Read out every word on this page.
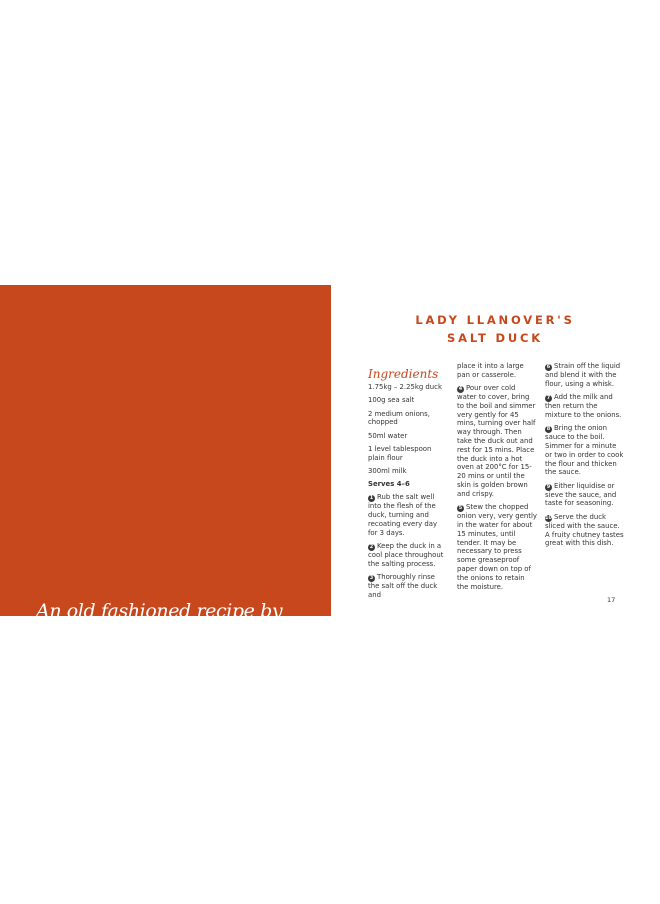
An old fashioned recipe by Lady Llanover which emphasises how salt softens the flesh and draws out excess fat from the duck. Allow 3 days of preparation for this dish.
LADY LLANOVER'S
SALT DUCK
Ingredients
1.75kg – 2.25kg duck
100g sea salt
2 medium onions, chopped
50ml water
1 level tablespoon plain flour
300ml milk
Serves 4–6
1 Rub the salt well into the flesh of the duck, turning and recoating every day for 3 days.
2 Keep the duck in a cool place throughout the salting process.
3 Thoroughly rinse the salt off the duck and
place it into a large pan or casserole.
4 Pour over cold water to cover, bring to the boil and simmer very gently for 45 mins, turning over half way through. Then take the duck out and rest for 15 mins. Place the duck into a hot oven at 200°C for 15-20 mins or until the skin is golden brown and crispy.
5 Stew the chopped onion very, very gently in the water for about 15 minutes, until tender. It may be necessary to press some greaseproof paper down on top of the onions to retain the moisture.
6 Strain off the liquid and blend it with the flour, using a whisk.
7 Add the milk and then return the mixture to the onions.
8 Bring the onion sauce to the boil. Simmer for a minute or two in order to cook the flour and thicken the sauce.
9 Either liquidise or sieve the sauce, and taste for seasoning.
10 Serve the duck sliced with the sauce. A fruity chutney tastes great with this dish.
17
